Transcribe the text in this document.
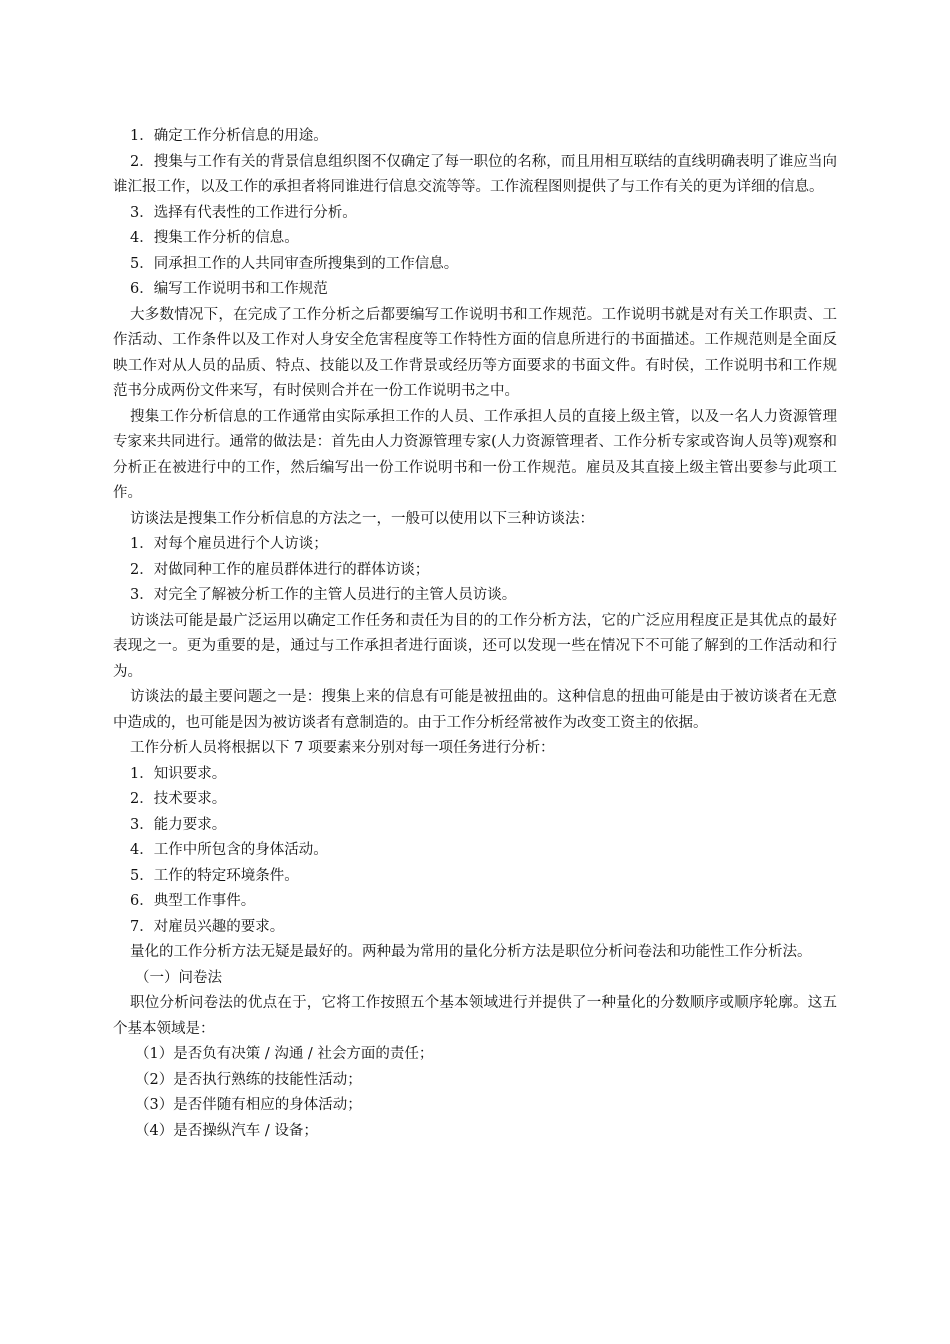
1．确定工作分析信息的用途。

2．搜集与工作有关的背景信息组织图不仅确定了每一职位的名称，而且用相互联结的直线明确表明了谁应当向谁汇报工作，以及工作的承担者将同谁进行信息交流等等。工作流程图则提供了与工作有关的更为详细的信息。

3．选择有代表性的工作进行分析。

4．搜集工作分析的信息。

5．同承担工作的人共同审查所搜集到的工作信息。

6．编写工作说明书和工作规范

大多数情况下，在完成了工作分析之后都要编写工作说明书和工作规范。工作说明书就是对有关工作职责、工作活动、工作条件以及工作对人身安全危害程度等工作特性方面的信息所进行的书面描述。工作规范则是全面反映工作对从人员的品质、特点、技能以及工作背景或经历等方面要求的书面文件。有时侯，工作说明书和工作规范书分成两份文件来写，有时侯则合并在一份工作说明书之中。

搜集工作分析信息的工作通常由实际承担工作的人员、工作承担人员的直接上级主管，以及一名人力资源管理专家来共同进行。通常的做法是：首先由人力资源管理专家(人力资源管理者、工作分析专家或咨询人员等)观察和分析正在被进行中的工作，然后编写出一份工作说明书和一份工作规范。雇员及其直接上级主管出要参与此项工作。

访谈法是搜集工作分析信息的方法之一，一般可以使用以下三种访谈法：

1．对每个雇员进行个人访谈；

2．对做同种工作的雇员群体进行的群体访谈；

3．对完全了解被分析工作的主管人员进行的主管人员访谈。

访谈法可能是最广泛运用以确定工作任务和责任为目的的工作分析方法，它的广泛应用程度正是其优点的最好表现之一。更为重要的是，通过与工作承担者进行面谈，还可以发现一些在情况下不可能了解到的工作活动和行为。

访谈法的最主要问题之一是：搜集上来的信息有可能是被扭曲的。这种信息的扭曲可能是由于被访谈者在无意中造成的，也可能是因为被访谈者有意制造的。由于工作分析经常被作为改变工资主的依据。

工作分析人员将根据以下 7 项要素来分别对每一项任务进行分析：

1．知识要求。

2．技术要求。

3．能力要求。

4．工作中所包含的身体活动。

5．工作的特定环境条件。

6．典型工作事件。

7．对雇员兴趣的要求。

量化的工作分析方法无疑是最好的。两种最为常用的量化分析方法是职位分析问卷法和功能性工作分析法。

（一）问卷法

职位分析问卷法的优点在于，它将工作按照五个基本领域进行并提供了一种量化的分数顺序或顺序轮廓。这五个基本领域是：

（1）是否负有决策 / 沟通 / 社会方面的责任；

（2）是否执行熟练的技能性活动；

（3）是否伴随有相应的身体活动；

（4）是否操纵汽车 / 设备；
